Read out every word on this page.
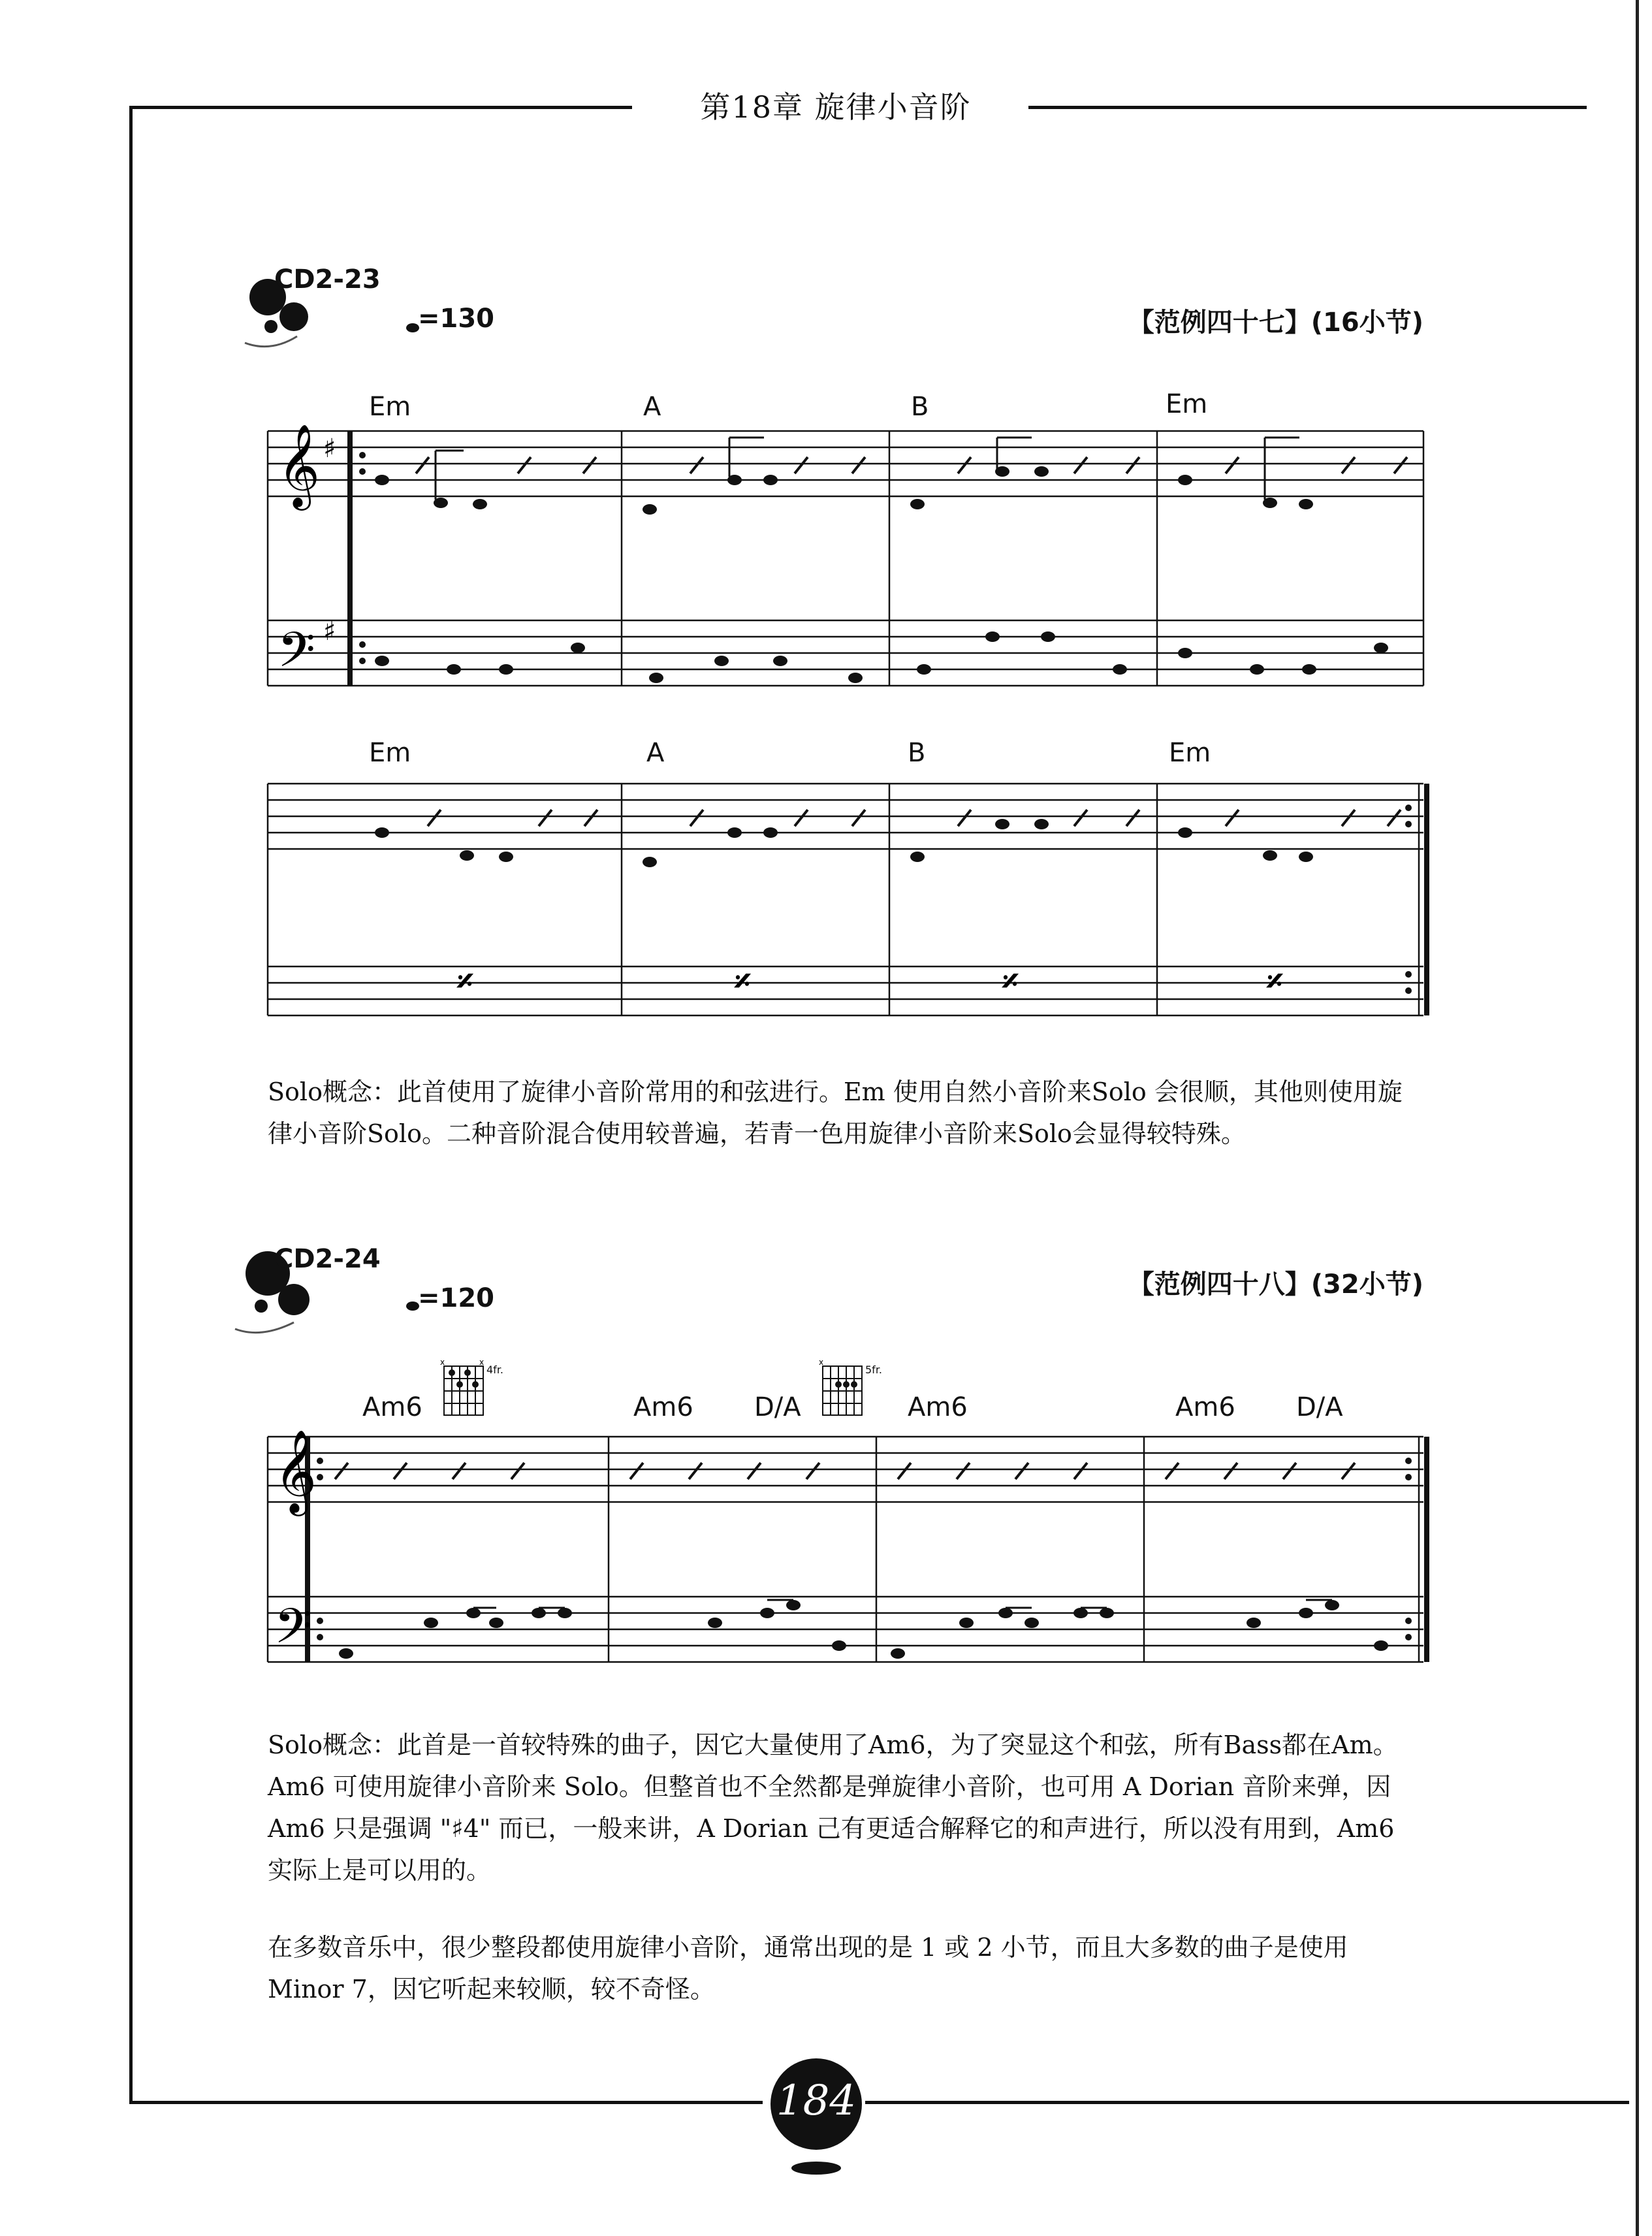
第18章 旋律小音阶
CD2-23
=130	【范例四十七】(16小节)
Em	A	B	Em
𝄞
𝄢
♯
♯
Em	A	B	Em
𝄎	𝄎	𝄎	𝄎
Solo概念：此首使用了旋律小音阶常用的和弦进行。Em 使用自然小音阶来Solo 会很顺，其他则使用旋律小音阶Solo。二种音阶混合使用较普遍，若青一色用旋律小音阶来Solo会显得较特殊。
CD2-24
=120	【范例四十八】(32小节)
x	x
4fr.
x
5fr.
Am6	Am6 D/A	Am6	Am6 D/A
𝄞
𝄢
Solo概念：此首是一首较特殊的曲子，因它大量使用了Am6，为了突显这个和弦，所有Bass都在Am。Am6 可使用旋律小音阶来 Solo。但整首也不全然都是弹旋律小音阶，也可用 A Dorian 音阶来弹，因 Am6 只是强调 "♯4" 而已，一般来讲，A Dorian 己有更适合解释它的和声进行，所以没有用到，Am6 实际上是可以用的。
在多数音乐中，很少整段都使用旋律小音阶，通常出现的是 1 或 2 小节，而且大多数的曲子是使用 Minor 7，因它听起来较顺，较不奇怪。
184
